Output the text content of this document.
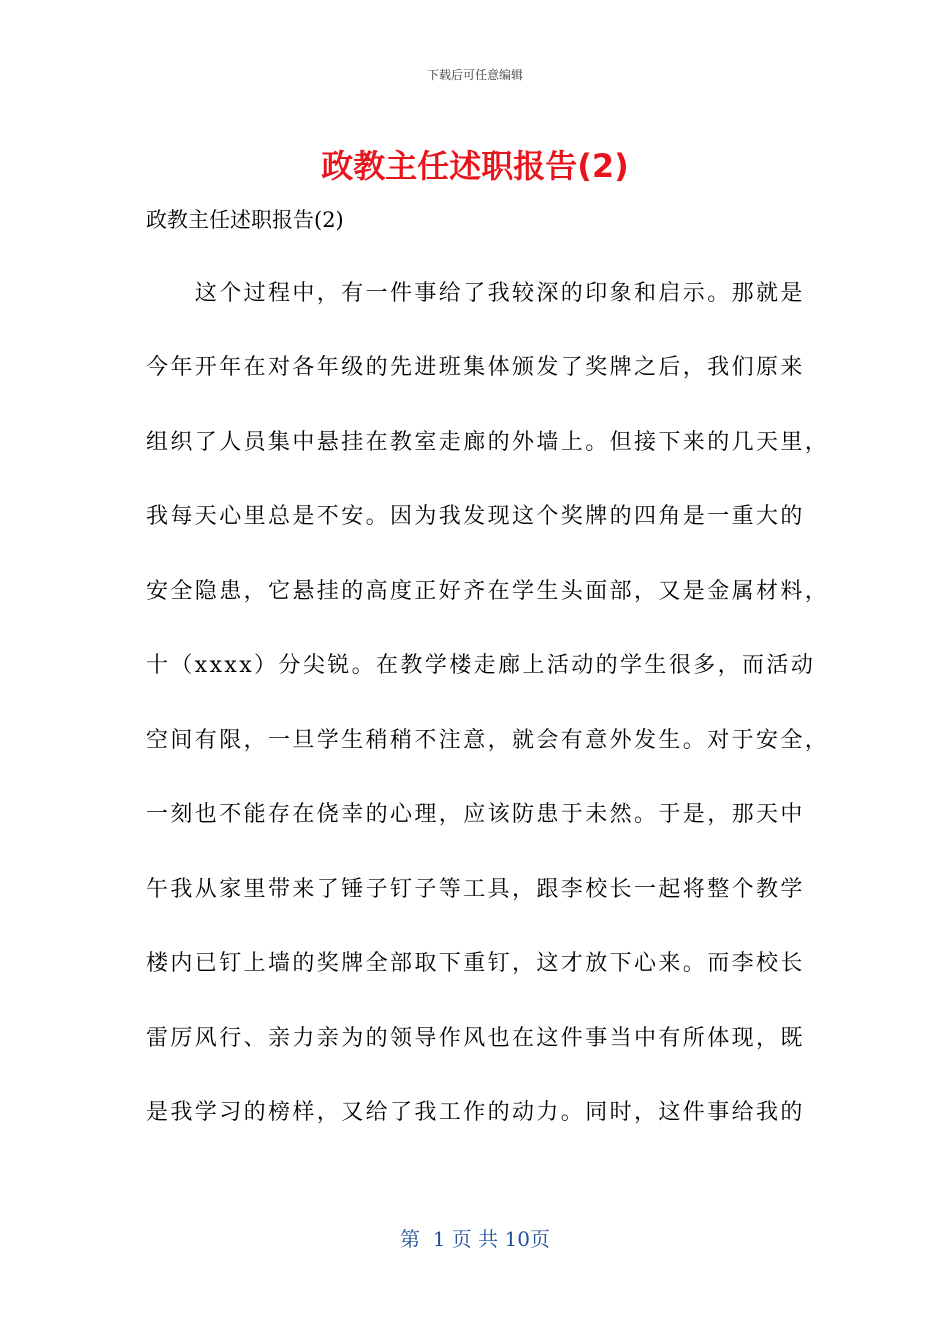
下载后可任意编辑
政教主任述职报告(2)
政教主任述职报告(2)
　　这个过程中，有一件事给了我较深的印象和启示。那就是
今年开年在对各年级的先进班集体颁发了奖牌之后，我们原来
组织了人员集中悬挂在教室走廊的外墙上。但接下来的几天里，
我每天心里总是不安。因为我发现这个奖牌的四角是一重大的
安全隐患，它悬挂的高度正好齐在学生头面部，又是金属材料，
十（xxxx）分尖锐。在教学楼走廊上活动的学生很多，而活动
空间有限，一旦学生稍稍不注意，就会有意外发生。对于安全，
一刻也不能存在侥幸的心理，应该防患于未然。于是，那天中
午我从家里带来了锤子钉子等工具，跟李校长一起将整个教学
楼内已钉上墙的奖牌全部取下重钉，这才放下心来。而李校长
雷厉风行、亲力亲为的领导作风也在这件事当中有所体现，既
是我学习的榜样，又给了我工作的动力。同时，这件事给我的
第  1 页 共 10页
